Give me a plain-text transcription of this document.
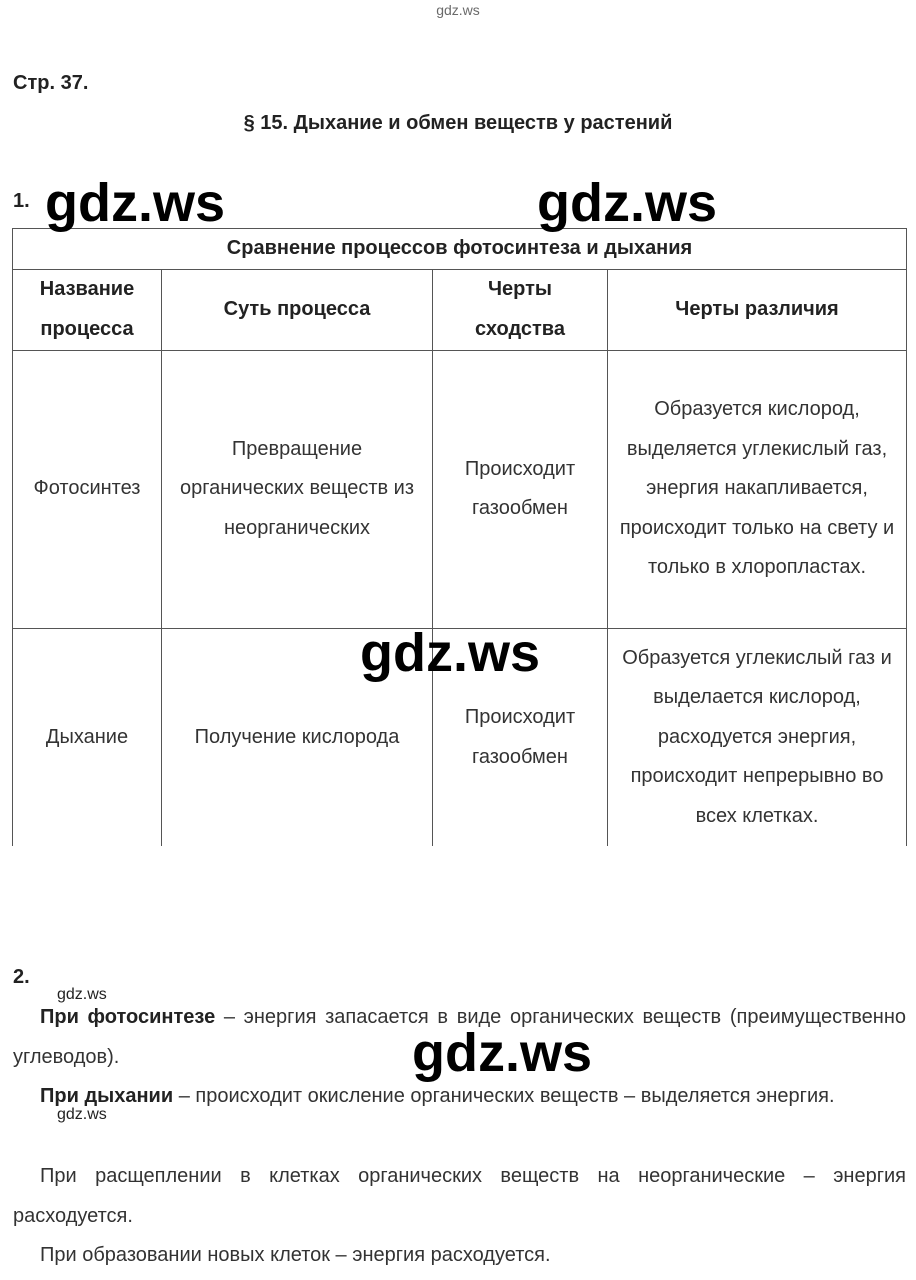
gdz.ws
Стр. 37.
§ 15. Дыхание и обмен веществ у растений
1.
Сравнение процессов фотосинтеза и дыхания			
Название процесса	Суть процесса	Черты сходства	Черты различия
Фотосинтез	Превращение органических веществ из неорганических	Происходит газообмен	Образуется кислород, выделяется углекислый газ, энергия накапливается, происходит только на свету и только в хлоропластах.
Дыхание	Получение кислорода	Происходит газообмен	Образуется углекислый газ и выделается кислород, расходуется энергия, происходит непрерывно во всех клетках.
gdz.ws	gdz.ws
gdz.ws
2.
gdz.ws
При фотосинтезе – энергия запасается в виде органических веществ (преимущественно углеводов).	gdz.ws
При дыхании – происходит окисление органических веществ – выделяется энергия.
gdz.ws
При расщеплении в клетках органических веществ на неорганические – энергия расходуется.
При образовании новых клеток – энергия расходуется.
